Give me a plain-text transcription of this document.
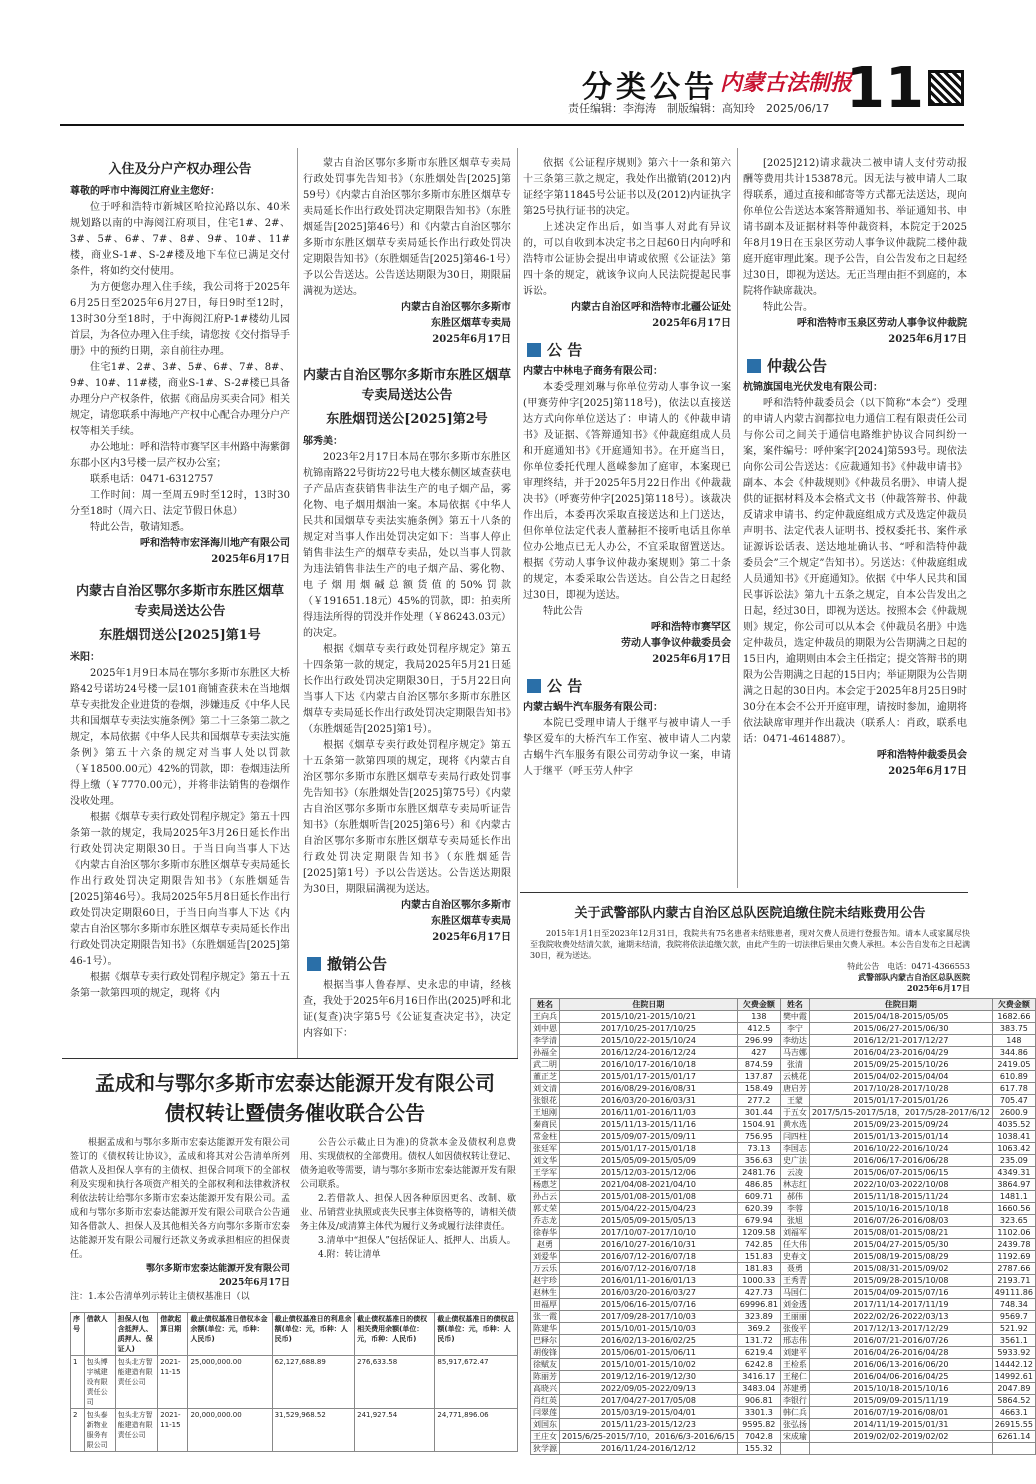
分类公告 内蒙古法制报
责任编辑：李海涛　制版编辑：高知玲　 2025/06/17 11
入住及分户产权办理公告
尊敬的呼市中海阅江府业主您好：

位于呼和浩特市新城区哈拉沁路以东、40米规划路以南的中海阅江府项目，住宅1#、2#、3#、5#、6#、7#、8#、9#、10#、11#楼，商业S-1#、S-2#楼及地下车位已满足交付条件，将如约交付使用。

为方便您办理入住手续，我公司将于2025年6月25日至2025年6月27日，每日9时至12时，13时30分至18时，于中海阅江府P-1#楼幼儿园首层，为各位办理入住手续，请您按《交付指导手册》中的预约日期，亲自前往办理。

住宅1#、2#、3#、5#、6#、7#、8#、9#、10#、11#楼，商业S-1#、S-2#楼已具备办理分户产权条件，依据《商品房买卖合同》相关规定，请您联系中海地产产权中心配合办理分户产权等相关手续。

办公地址：呼和浩特市赛罕区丰州路中海紫御东郡小区内3号楼一层产权办公室；

联系电话：0471-6312757

工作时间：周一至周五9时至12时，13时30分至18时（周六日、法定节假日休息）

特此公告，敬请知悉。

呼和浩特市宏泽海川地产有限公司
2025年6月17日
内蒙古自治区鄂尔多斯市东胜区烟草专卖局送达公告
东胜烟罚送公[2025]第1号
米阳：

2025年1月9日本局在鄂尔多斯市东胜区大桥路42号诺坊24号楼一层101商铺查获未在当地烟草专卖批发企业进货的卷烟，涉嫌违反《中华人民共和国烟草专卖法实施条例》第二十三条第二款之规定，本局依据《中华人民共和国烟草专卖法实施条例》第五十六条的规定对当事人处以罚款（￥18500.00元）42%的罚款，即：卷烟违法所得上缴（￥7770.00元），并将非法销售的卷烟作没收处理。

根据《烟草专卖行政处罚程序规定》第五十四条第一款的规定，我局2025年3月26日延长作出行政处罚决定期限30日。于当日向当事人下达《内蒙古自治区鄂尔多斯市东胜区烟草专卖局延长作出行政处罚决定期限告知书》（东胜烟延告[2025]第46号）。我局2025年5月8日延长作出行政处罚决定期限60日，于当日向当事人下达《内蒙古自治区鄂尔多斯市东胜区烟草专卖局延长作出行政处罚决定期限告知书》（东胜烟延告[2025]第46-1号）。

根据《烟草专卖行政处罚程序规定》第五十五条第一款第四项的规定，现将《内

蒙古自治区鄂尔多斯市东胜区烟草专卖局行政处罚事先告知书》（东胜烟处告[2025]第59号）《内蒙古自治区鄂尔多斯市东胜区烟草专卖局延长作出行政处罚决定期限告知书》（东胜烟延告[2025]第46号）和《内蒙古自治区鄂尔多斯市东胜区烟草专卖局延长作出行政处罚决定期限告知书》（东胜烟延告[2025]第46-1号）予以公告送达。公告送达期限为30日，期限届满视为送达。

内蒙古自治区鄂尔多斯市
东胜区烟草专卖局
2025年6月17日
内蒙古自治区鄂尔多斯市东胜区烟草专卖局送达公告
东胜烟罚送公[2025]第2号
邬秀美：

2023年2月17日本局在鄂尔多斯市东胜区杭锦南路22号街坊22号电大楼东侧区域查获电子产品店查获销售非法生产的电子烟产品，雾化物、电子烟用烟油一案。本局依据《中华人民共和国烟草专卖法实施条例》第五十八条的规定对当事人作出处罚决定如下：当事人停止销售非法生产的烟草专卖品，处以当事人罚款为违法销售非法生产的电子烟产品、雾化物、电子烟用烟碱总额货值的50%罚款（￥191651.18元）45%的罚款，即：拍卖所得违法所得的罚没并作处理（￥86243.03元）的决定。

根据《烟草专卖行政处罚程序规定》第五十四条第一款的规定，我局2025年5月21日延长作出行政处罚决定期限30日，于5月22日向当事人下达《内蒙古自治区鄂尔多斯市东胜区烟草专卖局延长作出行政处罚决定期限告知书》（东胜烟延告[2025]第1号）。

根据《烟草专卖行政处罚程序规定》第五十五条第一款第四项的规定，现将《内蒙古自治区鄂尔多斯市东胜区烟草专卖局行政处罚事先告知书》（东胜烟处告[2025]第75号）《内蒙古自治区鄂尔多斯市东胜区烟草专卖局听证告知书》（东胜烟听告[2025]第6号）和《内蒙古自治区鄂尔多斯市东胜区烟草专卖局延长作出行政处罚决定期限告知书》（东胜烟延告[2025]第1号）予以公告送达。公告送达期限为30日，期限届满视为送达。

内蒙古自治区鄂尔多斯市
东胜区烟草专卖局
2025年6月17日
撤销公告

根据当事人鲁春厚、史永忠的申请，经核查，我处于2025年6月16日作出(2025)呼和北证(复查)决字第5号《公证复查决定书》，决定内容如下：

依据《公证程序规则》第六十一条和第六十三条第三款之规定，我处作出撤销(2012)内证经字第11845号公证书以及(2012)内证执字第25号执行证书的决定。

上述决定作出后，如当事人对此有异议的，可以自收到本决定书之日起60日内向呼和浩特市公证协会提出申请或依照《公证法》第四十条的规定，就该争议向人民法院提起民事诉讼。

内蒙古自治区呼和浩特市北疆公证处
2025年6月17日
公 告
内蒙古中林电子商务有限公司：

本委受理刘琳与你单位劳动人事争议一案(甲赛劳仲字[2025]第118号)，依法以直接送达方式向你单位送达了：申请人的《仲裁申请书》及证据、《答辩通知书》《仲裁庭组成人员和开庭通知书》《开庭通知书》。在开庭当日，你单位委托代理人邕嵘参加了庭审，本案现已审理终结，并于2025年5月22日作出《仲裁裁决书》（呼赛劳仲字[2025]第118号）。该裁决作出后，本委再次采取直接送达和上门送达，但你单位法定代表人董赫拒不接听电话且你单位办公地点已无人办公，不宜采取留置送达。根据《劳动人事争议仲裁办案规则》第二十条的规定，本委采取公告送达。自公告之日起经过30日，即视为送达。

特此公告

呼和浩特市赛罕区
劳动人事争议仲裁委员会
2025年6月17日
公 告
内蒙古蜗牛汽车服务有限公司：

本院已受理申请人于继平与被申请人一手挚区爱车的大桥汽车工作室、被申请人二内蒙古蜗牛汽车服务有限公司劳动争议一案，申请人于继平（呼玉劳人仲字

[2025]212)请求裁决二被申请人支付劳动报酬等费用共计153878元。因无法与被申请人二取得联系，通过直接和邮寄等方式都无法送达，现向你单位公告送达本案答辩通知书、举证通知书、申请书副本及证据材料等仲裁资料，本院定于2025年8月19日在玉泉区劳动人事争议仲裁院二楼仲裁庭开庭审理此案。现予公告，自公告发布之日起经过30日，即视为送达。无正当理由拒不到庭的，本院将作缺席裁决。

特此公告。

呼和浩特市玉泉区劳动人事争议仲裁院
2025年6月17日
仲裁公告
杭锦旗国电光伏发电有限公司：

呼和浩特仲裁委员会（以下简称“本会”）受理的申请人内蒙古润都拉电力通信工程有限责任公司与你公司之间关于通信电路维护协议合同纠纷一案，案件编号：呼仲案字[2024]第593号。现依法向你公司公告送达：《应裁通知书》《仲裁申请书》副本、本会《仲裁规则》《仲裁员名册》、申请人提供的证据材料及本会格式文书（仲裁答辩书、仲裁反请求申请书、约定仲裁庭组成方式及选定仲裁员声明书、法定代表人证明书、授权委托书、案件承证源诉讼话表、送达地址确认书、“呼和浩特仲裁委员会”三个规定”告知书）。另送达：《仲裁庭组成人员通知书》《开庭通知》。依据《中华人民共和国民事诉讼法》第九十五条之规定，自本公告发出之日起，经过30日，即视为送达。按照本会《仲裁规则》规定，你公司可以从本会《仲裁员名册》中选定仲裁员，选定仲裁员的期限为公告期满之日起的15日内，逾期则由本会主任指定；提交答辩书的期限为公告期满之日起的15日内；举证期限为公告期满之日起的30日内。本会定于2025年8月25日9时30分在本会不公开开庭审理，请按时参加，逾期将依法缺席审理并作出裁决（联系人：肖政，联系电话：0471-4614887）。

呼和浩特仲裁委员会
2025年6月17日
关于武警部队内蒙古自治区总队医院追缴住院未结账费用公告

2015年1月1日至2023年12月31日，我院共有75名患者未结账患者，现对欠费人员进行登报告知。请本人或家属尽快至我院收费处结清欠款，逾期未结清，我院将依法追缴欠款，由此产生的一切法律后果由欠费人承担。本公告自发布之日起满30日，视为送达。

特此公告　 电话：0471-4366553
武警部队内蒙古自治区总队医院
2025年6月17日
姓名	住院日期	欠费金额	姓名	住院日期	欠费金额
王向兵	2015/10/21-2015/10/21	138	樊中霞	2015/04/18-2015/05/05	1682.66
刘中恩	2017/10/25-2017/10/25	412.5	李宁	2015/06/27-2015/06/30	383.75
李学清	2015/10/22-2015/10/24	296.99	李幼达	2016/12/21-2017/12/27	148
孙福全	2016/12/24-2016/12/24	427	马吉娜	2016/04/23-2016/04/29	344.86
武二明	2016/10/17-2016/10/18	874.59	张清	2015/09/25-2015/10/26	2419.05
董正芝	2015/01/17-2015/01/17	137.87	云桃花	2015/04/02-2015/04/04	610.89
刘文清	2016/08/29-2016/08/31	158.49	唐启芳	2017/10/28-2017/10/28	617.78
张银花	2016/03/20-2016/03/31	277.2	王蒙	2015/01/17-2015/01/26	705.47
王旭刚	2016/11/01-2016/11/03	301.44	于五女	2017/5/15-2017/5/18，2017/5/28-2017/6/12	2600.9
秦商民	2015/11/13-2015/11/16	1504.91	黄水选	2015/09/23-2015/09/24	4035.52
常金柱	2015/09/07-2015/09/11	756.95	闫四柱	2015/01/13-2015/01/14	1038.41
张廷军	2015/01/17-2015/01/18	73.13	李国志	2016/10/22-2016/10/24	1063.42
刘文华	2015/05/09-2015/05/09	356.63	史广法	2016/06/17-2016/06/28	235.09
王学军	2015/12/03-2015/12/06	2481.76	云凌	2015/06/07-2015/06/15	4349.31
杨惠芝	2021/04/08-2021/04/10	486.85	林志红	2022/10/03-2022/10/08	3864.97
孙占云	2015/01/08-2015/01/08	609.71	郝伟	2015/11/18-2015/11/24	1481.1
郭丈荣	2015/04/22-2015/04/23	620.39	李蓉	2015/10/16-2015/10/18	1660.56
乔志龙	2015/05/09-2015/05/13	679.94	张旭	2016/07/26-2016/08/03	323.65
徐春华	2017/10/07-2017/10/10	1209.58	刘福军	2015/08/01-2015/08/21	1102.06
赵勇	2016/10/27-2016/10/31	742.85	任大伟	2015/04/27-2015/05/30	2439.78
刘爱华	2016/07/12-2016/07/18	151.83	史春文	2015/08/19-2015/08/29	1192.69
万云乐	2016/07/12-2016/07/18	181.83	聂勇	2015/08/31-2015/09/02	2787.66
赵宇珍	2016/01/11-2016/01/13	1000.33	王秀青	2015/09/28-2015/10/08	2193.71
赵林生	2016/03/20-2016/03/27	427.73	马国仁	2015/04/09-2015/07/16	49111.86
田福厚	2015/06/16-2015/07/16	69996.81	刘金透	2017/11/14-2017/11/19	748.34
张一霞	2017/09/28-2017/10/03	323.89	王丽丽	2022/02/26-2022/03/13	9569.7
陈建华	2015/10/01-2015/10/03	369.2	张俊平	2017/12/13-2017/12/29	521.92
巴释尔	2016/02/13-2016/02/25	131.72	邢志伟	2016/07/21-2016/07/26	3561.1
胡俊锋	2015/06/01-2015/06/11	6219.4	刘建平	2016/04/26-2016/04/28	5933.92
徐赋友	2015/10/01-2015/10/02	6242.8	王检系	2016/06/13-2016/06/20	14442.12
陈丽芳	2019/12/16-2019/12/30	3416.17	王秘仁	2016/04/06-2016/04/25	14992.61
高晓兴	2022/09/05-2022/09/13	3483.04	苏建勇	2015/10/18-2015/10/16	2047.89
肖红英	2017/04/27-2017/05/08	906.81	李银行	2015/09/09-2015/11/19	5864.52
闫翠莲	2015/03/19-2015/04/01	3301.3	韩仁兵	2016/07/19-2016/08/01	4663.1
刘国东	2015/11/23-2015/12/23	9595.82	张弘扬	2014/11/19-2015/01/31	26915.55
王庄女	2015/6/25-2015/7/10，2016/6/3-2016/6/15	7042.8	宋成瑜	2019/02/02-2019/02/02	6261.14
狄学源	2016/11/24-2016/12/12	155.32			
孟成和与鄂尔多斯市宏泰达能源开发有限公司
债权转让暨债务催收联合公告

根据孟成和与鄂尔多斯市宏泰达能源开发有限公司签订的《债权转让协议》，孟成和将其对公告清单所列借款人及担保人享有的主债权、担保合同项下的全部权利及实现和执行各项资产相关的全部权利和法律救济权利依法转让给鄂尔多斯市宏泰达能源开发有限公司。孟成和与鄂尔多斯市宏泰达能源开发有限公司联合公告通知各借款人、担保人及其他相关各方向鄂尔多斯市宏泰达能源开发有限公司履行还款义务或承担相应的担保责任。

鄂尔多斯市宏泰达能源开发有限公司
2025年6月17日
注：1.本公告清单列示转让主债权基准日（以

公告公示截止日为准)的贷款本金及债权利息费用、实现债权的全部费用。债权人如因债权转让登记、债务追收等需要，请与鄂尔多斯市宏泰达能源开发有限公司联系。

2.若借款人、担保人因各种原因更名、改制、歇业、吊销营业执照或丧失民事主体资格等的，请相关债务主体及/或清算主体代为履行义务或履行法律责任。

3.清单中“担保人”包括保证人、抵押人、出质人。

4.附：转让清单

序号	借款人	担保人(包含抵押人、质押人、保证人)	借款起算日期	截止债权基准日借权本金余额(单位：元，币种：人民币)	截止债权基准日的利息余额(单位：元，币种：人民币)	截止债权基准日的债权相关费用余额(单位：元，币种：人民币)	截止债权基准日的债权总额(单位：元，币种：人民币)
1	包头博宇城建设有限责任公司	包头北方智能建造有限责任公司	2021-11-15	25,000,000.00	62,127,688.89	276,633.58	85,917,672.47
2	包头泰新物业服务有限公司	包头北方智能建造有限责任公司	2021-11-15	20,000,000.00	31,529,968.52	241,927.54	24,771,896.06
